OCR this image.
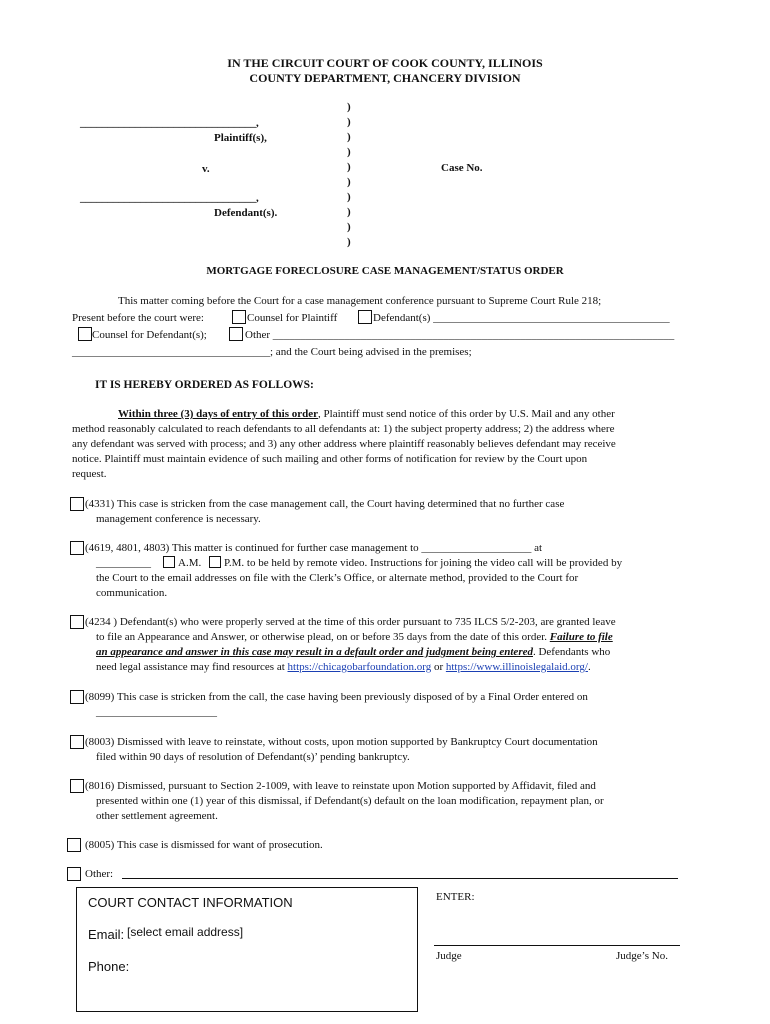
IN THE CIRCUIT COURT OF COOK COUNTY, ILLINOIS
COUNTY DEPARTMENT, CHANCERY DIVISION
________________________________,
Plaintiff(s),
v.
________________________________,
Defendant(s).
)
)
)
)
)
)
)
)
)
)
Case No.
MORTGAGE FORECLOSURE CASE MANAGEMENT/STATUS ORDER
This matter coming before the Court for a case management conference pursuant to Supreme Court Rule 218;
Present before the court were:	Counsel for Plaintiff	Defendant(s) ___________________________________________
Counsel for Defendant(s);	Other _________________________________________________________________________
____________________________________; and the Court being advised in the premises;
IT IS HEREBY ORDERED AS FOLLOWS:
Within three (3) days of entry of this order, Plaintiff must send notice of this order by U.S. Mail and any other
method reasonably calculated to reach defendants to all defendants at: 1) the subject property address; 2) the address where
any defendant was served with process; and 3) any other address where plaintiff reasonably believes defendant may receive
notice. Plaintiff must maintain evidence of such mailing and other forms of notification for review by the Court upon
request.
(4331) This case is stricken from the case management call, the Court having determined that no further case
management conference is necessary.
(4619, 4801, 4803) This matter is continued for further case management to ____________________ at
__________ A.M. P.M. to be held by remote video. Instructions for joining the video call will be provided by
the Court to the email addresses on file with the Clerk’s Office, or alternate method, provided to the Court for
communication.
(4234 ) Defendant(s) who were properly served at the time of this order pursuant to 735 ILCS 5/2-203, are granted leave
to file an Appearance and Answer, or otherwise plead, on or before 35 days from the date of this order. Failure to file
an appearance and answer in this case may result in a default order and judgment being entered. Defendants who
need legal assistance may find resources at https://chicagobarfoundation.org or https://www.illinoislegalaid.org/.
(8099) This case is stricken from the call, the case having been previously disposed of by a Final Order entered on
______________________
(8003) Dismissed with leave to reinstate, without costs, upon motion supported by Bankruptcy Court documentation
filed within 90 days of resolution of Defendant(s)’ pending bankruptcy.
(8016) Dismissed, pursuant to Section 2-1009, with leave to reinstate upon Motion supported by Affidavit, filed and
presented within one (1) year of this dismissal, if Defendant(s) default on the loan modification, repayment plan, or
other settlement agreement.
(8005) This case is dismissed for want of prosecution.
Other:
COURT CONTACT INFORMATION
Email: [select email address]
Phone:
ENTER:
Judge	Judge’s No.
